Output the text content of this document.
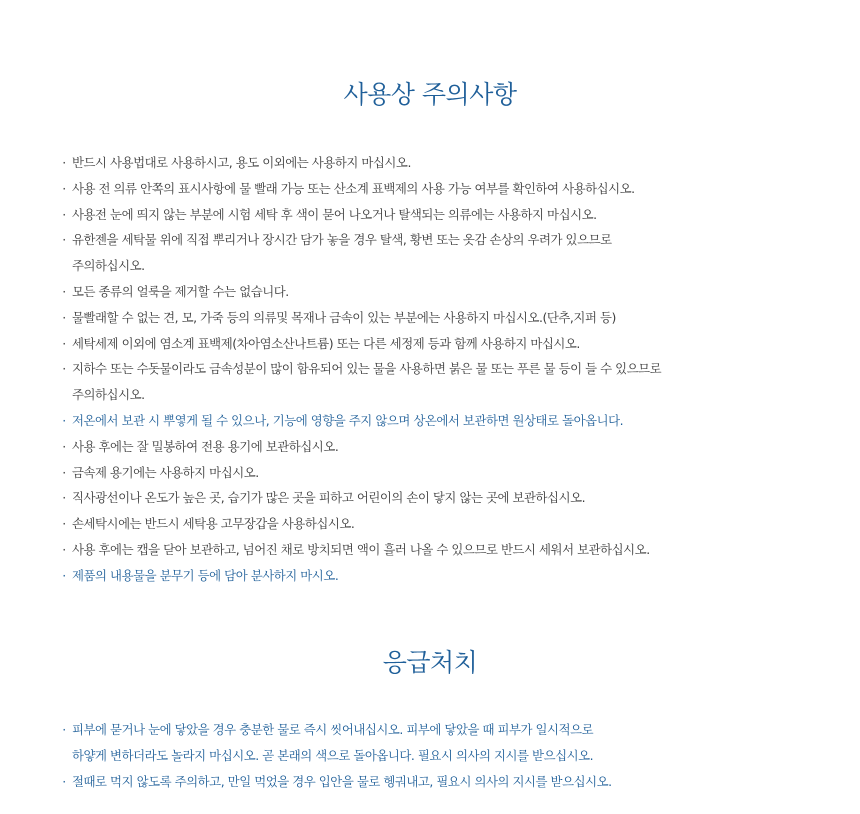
사용상 주의사항
· 반드시 사용법대로 사용하시고, 용도 이외에는 사용하지 마십시오.
· 사용 전 의류 안쪽의 표시사항에 물 빨래 가능 또는 산소계 표백제의 사용 가능 여부를 확인하여 사용하십시오.
· 사용전 눈에 띄지 않는 부분에 시험 세탁 후 색이 묻어 나오거나 탈색되는 의류에는 사용하지 마십시오.
· 유한젠을 세탁물 위에 직접 뿌리거나 장시간 담가 놓을 경우 탈색, 황변 또는 옷감 손상의 우려가 있으므로
주의하십시오.
· 모든 종류의 얼룩을 제거할 수는 없습니다.
· 물빨래할 수 없는 견, 모, 가죽 등의 의류및 목재나 금속이 있는 부분에는 사용하지 마십시오.(단추,지퍼 등)
· 세탁세제 이외에 염소계 표백제(차아염소산나트륨) 또는 다른 세정제 등과 함께 사용하지 마십시오.
· 지하수 또는 수돗물이라도 금속성분이 많이 함유되어 있는 물을 사용하면 붉은 물 또는 푸른 물 등이 들 수 있으므로
주의하십시오.
· 저온에서 보관 시 뿌옇게 될 수 있으나, 기능에 영향을 주지 않으며 상온에서 보관하면 원상태로 돌아옵니다.
· 사용 후에는 잘 밀봉하여 전용 용기에 보관하십시오.
· 금속제 용기에는 사용하지 마십시오.
· 직사광선이나 온도가 높은 곳, 습기가 많은 곳을 피하고 어린이의 손이 닿지 않는 곳에 보관하십시오.
· 손세탁시에는 반드시 세탁용 고무장갑을 사용하십시오.
· 사용 후에는 캡을 닫아 보관하고, 넘어진 채로 방치되면 액이 흘러 나올 수 있으므로 반드시 세워서 보관하십시오.
· 제품의 내용물을 분무기 등에 담아 분사하지 마시오.
응급처치
· 피부에 묻거나 눈에 닿았을 경우 충분한 물로 즉시 씻어내십시오. 피부에 닿았을 때 피부가 일시적으로
하얗게 변하더라도 놀라지 마십시오. 곧 본래의 색으로 돌아옵니다. 필요시 의사의 지시를 받으십시오.
· 절때로 먹지 않도록 주의하고, 만일 먹었을 경우 입안을 물로 헹궈내고, 필요시 의사의 지시를 받으십시오.
